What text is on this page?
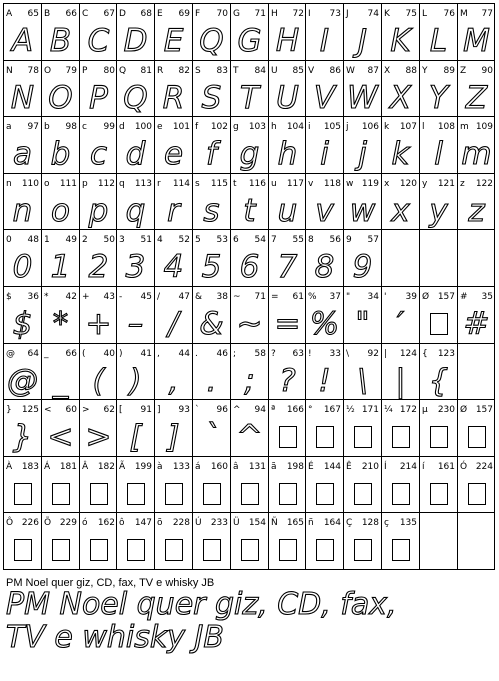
A 65
A
B 66
B
C 67
C
D 68
D
E 69
E
F 70
Q
G 71
G
H 72
H
I 73
I
J 74
J
K 75
K
L 76
L
M 77
M
N 78
N
O 79
O
P 80
P
Q 81
Q
R 82
R
S 83
S
T 84
T
U 85
U
V 86
V
W 87
W
X 88
X
Y 89
Y
Z 90
Z
a 97
a
b 98
b
c 99
c
d 100
d
e 101
e
f 102
f
g 103
g
h 104
h
i 105
i
j 106
j
k 107
k
l 108
l
m 109
m
n 110
n
o 111
o
p 112
p
q 113
q
r 114
r
s 115
s
t 116
t
u 117
u
v 118
v
w 119
w
x 120
x
y 121
y
z 122
z
0 48
0
1 49
1
2 50
2
3 51
3
4 52
4
5 53
5
6 54
6
7 55
7
8 56
8
9 57
9
$ 36
$
* 42
*
+ 43
+
- 45
–
/ 47
/
& 38
&
~ 71
~
= 61
=
% 37
%
" 34
"
' 39
′
Ø 157 # 35
#
@ 64
@
_ 66
_
( 40
(
) 41
)
, 44
,
. 46
.
; 58
;
? 63
?
! 33
!
\ 92
\
| 124
|
{ 123
{
} 125
}
< 60
<
> 62
>
[ 91
[
] 93
]
` 96
`
^ 94
^
ª 166 ° 167 ½ 171 ¼ 172 µ 230 Ø 157
À 183 Á 181 Â 182 Ã 199 à 133 á 160 â 131 ã 198 É 144 Ê 210 Í 214 í 161 Ó 224
Ô 226 Õ 229 ó 162 ô 147 õ 228 Ú 233 Ü 154 Ñ 165 ñ 164 Ç 128 ç 135
PM Noel quer giz, CD, fax, TV e whisky JB
PM Noel quer giz, CD, fax,
TV e whisky JB
